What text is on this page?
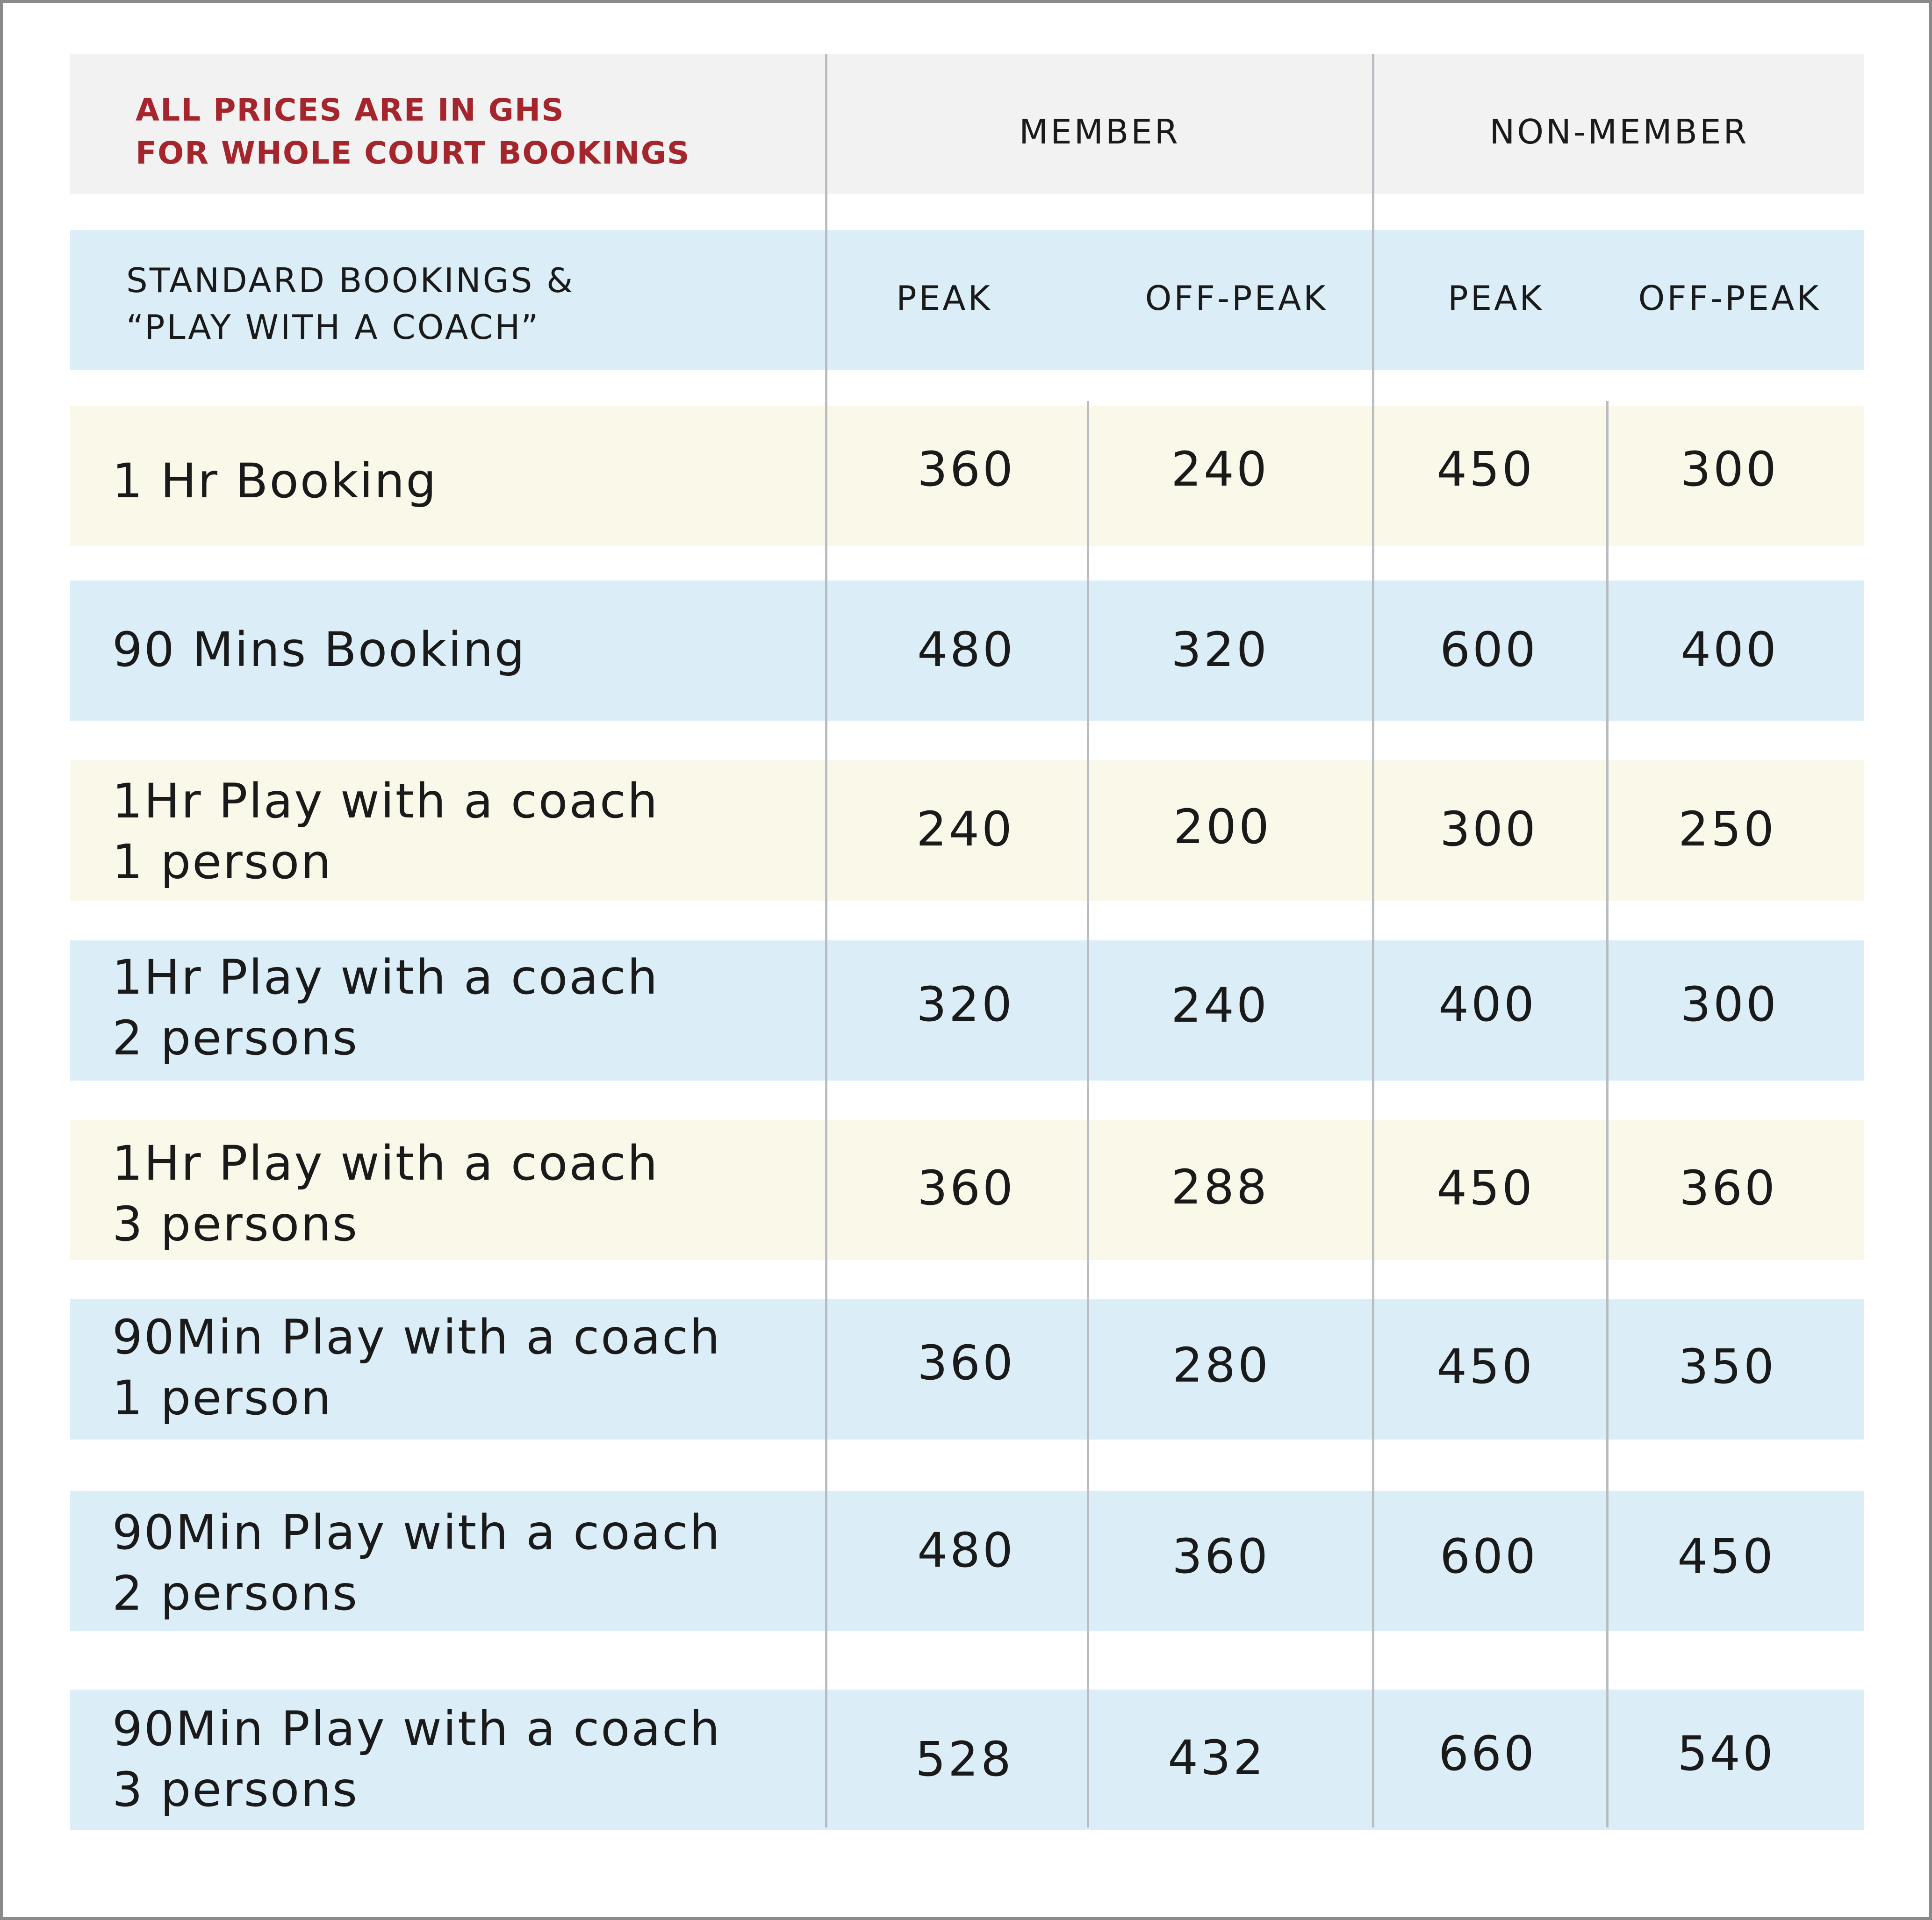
ALL PRICES ARE IN GHS
FOR WHOLE COURT BOOKINGS
MEMBER	NON-MEMBER
STANDARD BOOKINGS &
“PLAY WITH A COACH”
PEAK	OFF-PEAK	PEAK	OFF-PEAK
1 Hr Booking	360	240	450	300
90 Mins Booking	480	320	600	400
1Hr Play with a coach
1 person
240	200	300	250
1Hr Play with a coach
2 persons
320	240	400	300
1Hr Play with a coach
3 persons
360	288	450	360
90Min Play with a coach
1 person
360	280	450	350
90Min Play with a coach
2 persons
480	360	600	450
90Min Play with a coach
3 persons
528	432	660	540
